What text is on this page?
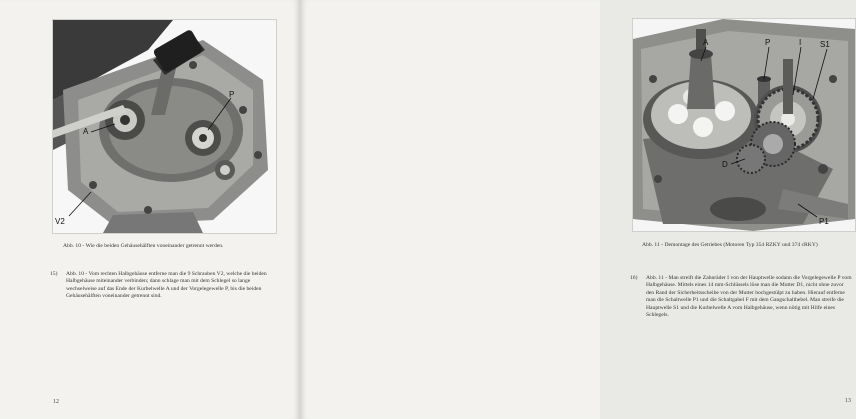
A
P
V2
Abb. 10 - Wie die beiden Gehäusehälften voneinander getrennt werden.
15) Abb. 10 - Vom rechten Halbgehäuse entferne man die 9 Schrauben V2, welche die beiden Halbgehäuse miteinander verbinden; dann schlage man mit dem Schlegel so lange wechselweise auf das Ende der Kurbelwelle A und der Vorgelegewelle P, bis die beiden Gehäusehälften voneinander getrennt sind.
12
A	P	I S1
D
P1
Abb. 11 - Demontage des Getriebes (Motoren Typ 354 RZKY und 374 cRKY)
16) Abb. 11 - Man streift die Zahnräder I von der Hauptwelle sodann die Vorgelegewelle P vom Halbgehäuse. Mittels eines 14 mm-Schlüssels löse man die Mutter D1, nicht ohne zuvor den Rand der Sicherheitsscheibe von der Mutter hochgestülpt zu haben. Hierauf entferne man die Schaltwelle P1 und die Schaltgabel F mit dem Gangschalthebel. Man streife die Hauptwelle S1 und die Kurbelwelle A vom Halbgehäuse, wenn nötig mit Hilfe eines Schlegels.
13
